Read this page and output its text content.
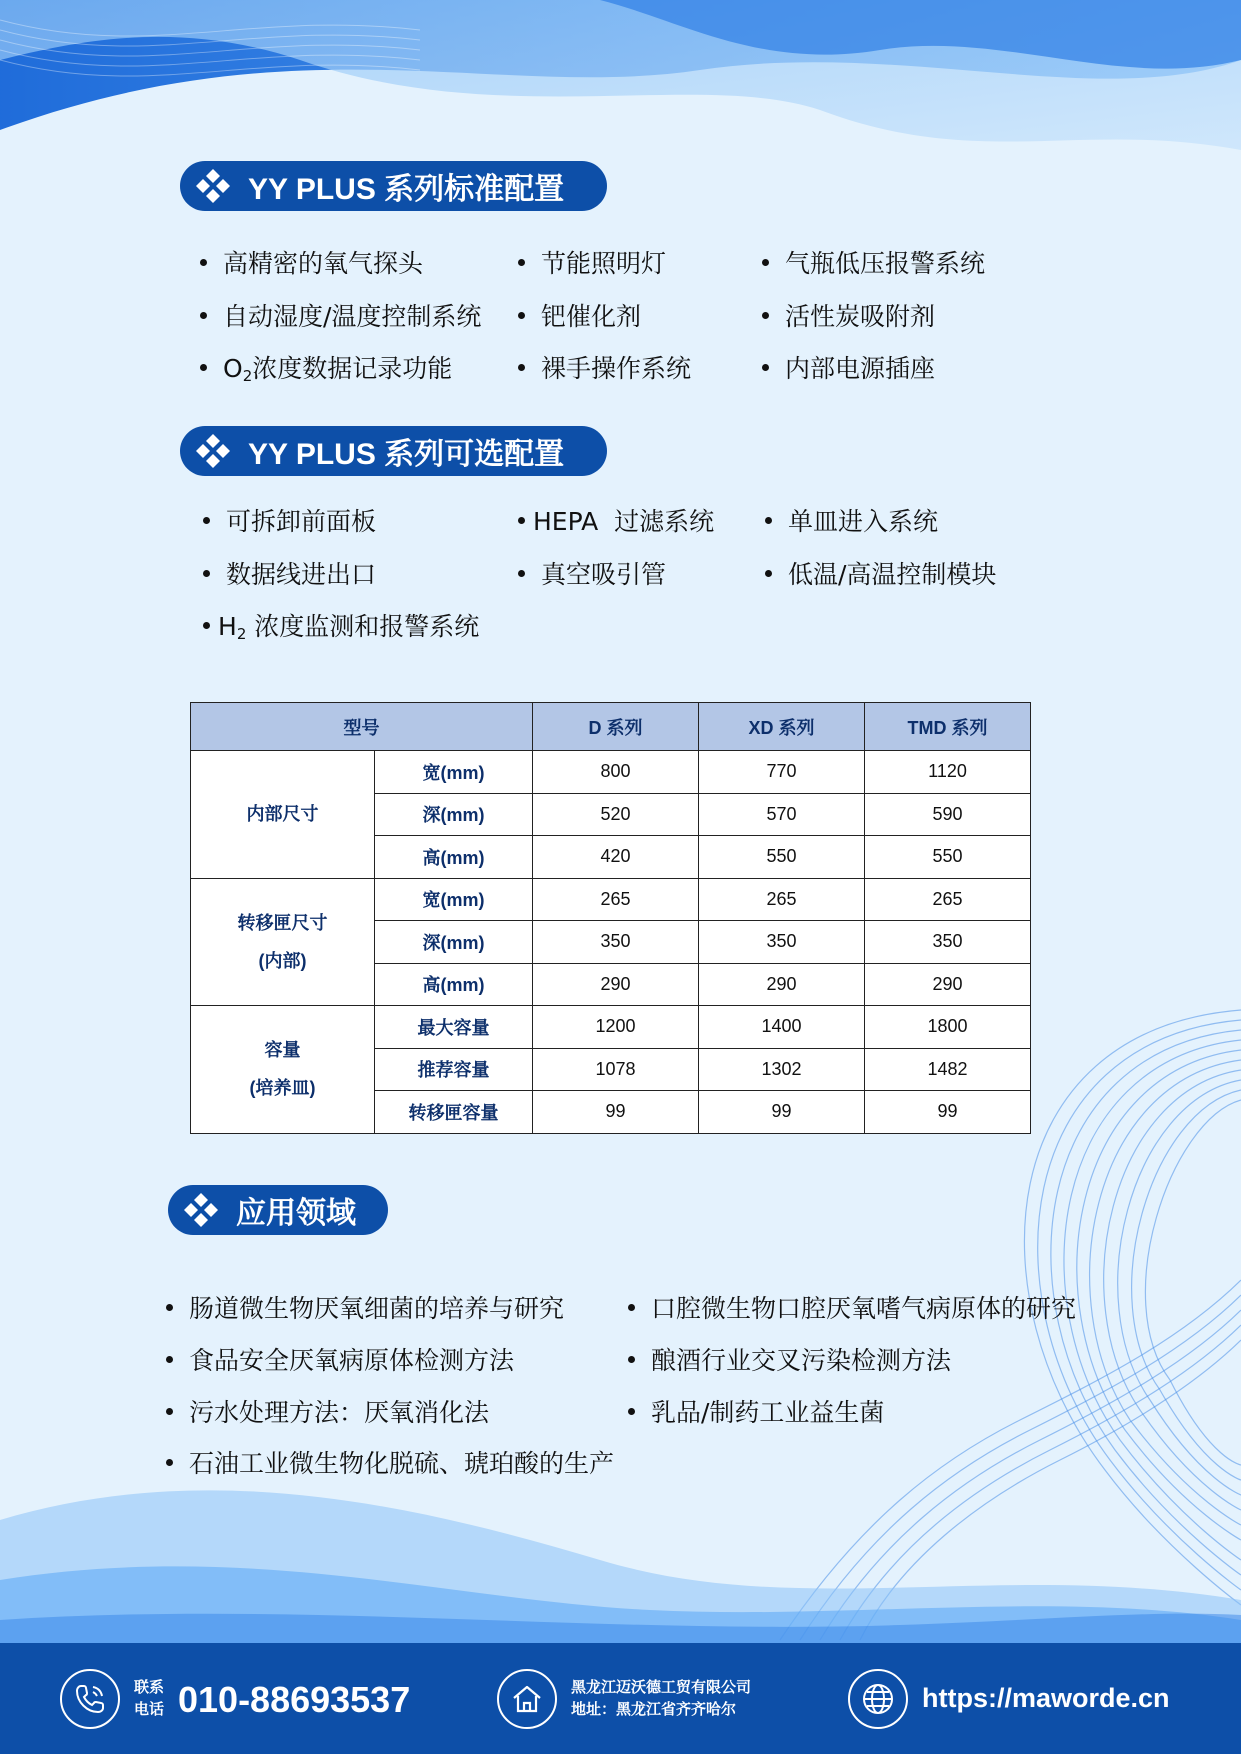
YY PLUS 系列标准配置
高精密的氧气探头	节能照明灯	气瓶低压报警系统
自动湿度/温度控制系统 钯催化剂	活性炭吸附剂
$O_2$浓度数据记录功能	裸手操作系统	内部电源插座
YY PLUS 系列可选配置
可拆卸前面板	HEPA  过滤系统	单皿进入系统
数据线进出口	真空吸引管	低温/高温控制模块
$H_2$ 浓度监测和报警系统
型号		D 系列	XD 系列	TMD 系列

内部尺寸	宽(mm)	800	770	1120
	深(mm)	520	570	590
	高(mm)	420	550	550

转移匣尺寸
(内部)	宽(mm)	265	265	265
	深(mm)	350	350	350
	高(mm)	290	290	290

容量
(培养皿)	最大容量	1200	1400	1800
	推荐容量	1078	1302	1482
	转移匣容量	99	99	99
应用领域
肠道微生物厌氧细菌的培养与研究
食品安全厌氧病原体检测方法
污水处理方法：厌氧消化法
石油工业微生物化脱硫、琥珀酸的生产
口腔微生物口腔厌氧嗜气病原体的研究
酿酒行业交叉污染检测方法
乳品/制药工业益生菌
联系
电话 010-88693537	黑龙江迈沃德工贸有限公司
地址：黑龙江省齐齐哈尔	https://maworde.cn
